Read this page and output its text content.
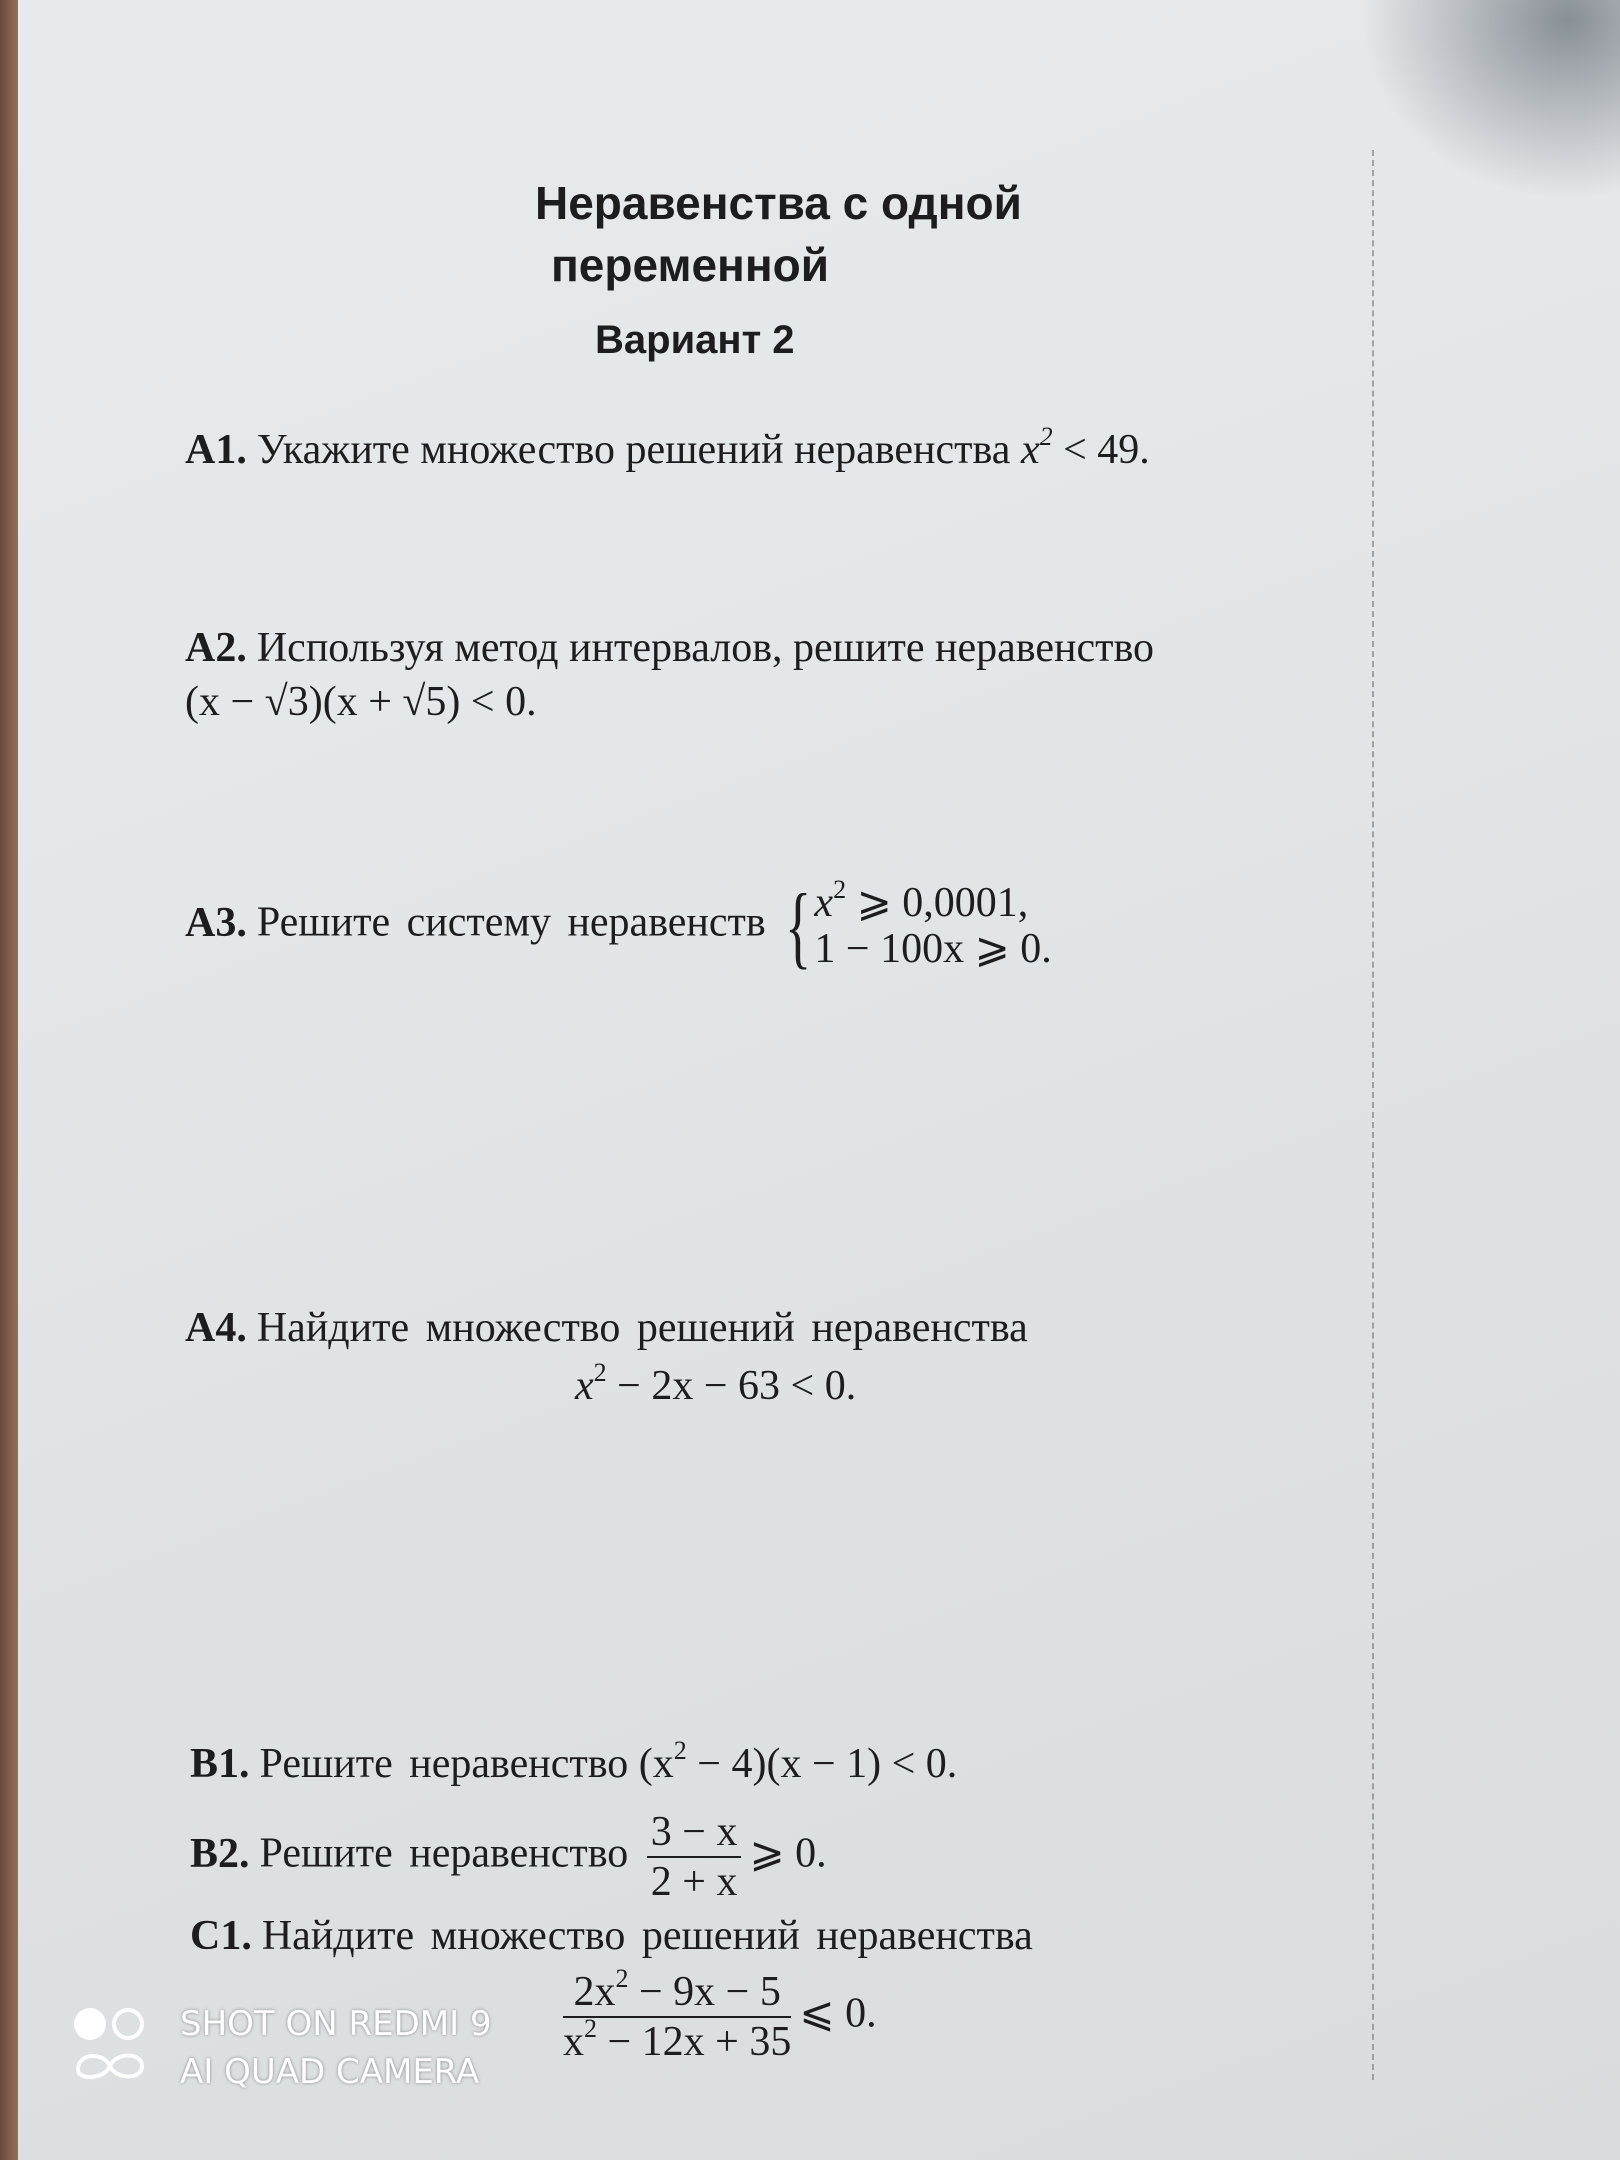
Неравенства с одной
переменной
Вариант 2
А1. Укажите множество решений неравенства $x^2 < 49$.
А2. Используя метод интервалов, решите неравенство
(x − √3)(x + √5) < 0.
А3. Решите систему неравенств { $x^2$ ⩾ 0,0001,
1 − 100x ⩾ 0.
А4. Найдите множество решений неравенства
$x^2 - 2x - 63 < 0$.
В1. Решите неравенство $(x^2 - 4)(x - 1) < 0$.
В2. Решите неравенство $\frac{3 - x}{2 + x}$ ⩾ 0.
С1. Найдите множество решений неравенства
$\frac{2x^2 - 9x - 5}{x^2 - 12x + 35}$ ⩽ 0.
SHOT ON REDMI 9
AI QUAD CAMERA
